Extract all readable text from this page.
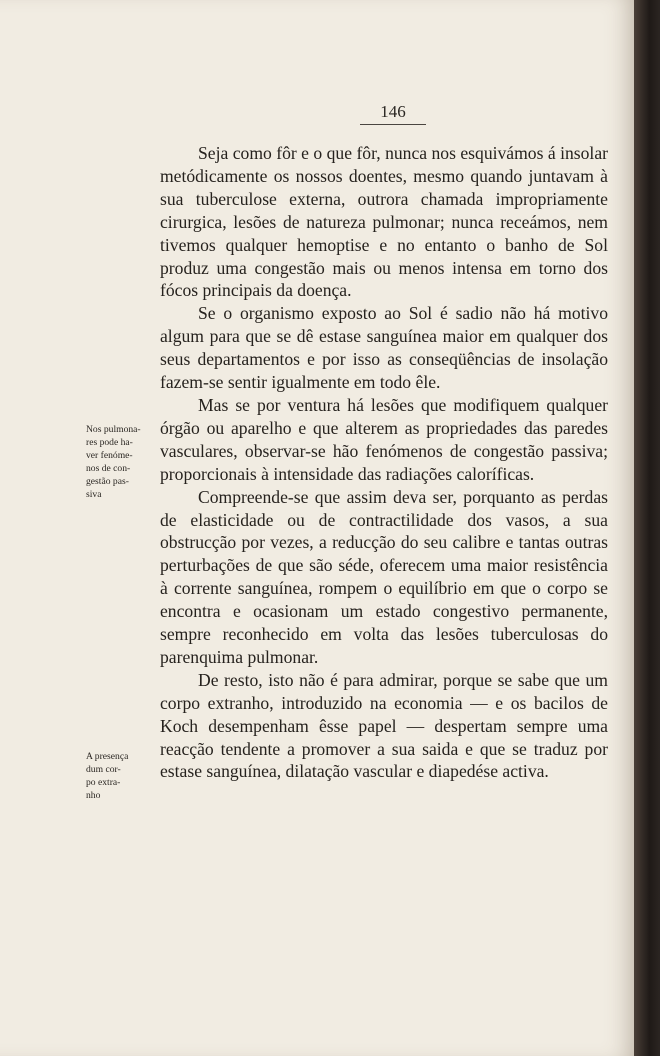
146
Nos pulmona-
res pode ha-
ver fenóme-
nos de con-
gestão pas-
siva
A presença
dum cor-
po extra-
nho

Seja como fôr e o que fôr, nunca nos esquivámos á insolar metódicamente os nossos doentes, mesmo quando juntavam à sua tuberculose externa, outrora chamada impropriamente cirurgica, lesões de natureza pulmonar; nunca receámos, nem tivemos qualquer hemoptise e no entanto o banho de Sol produz uma congestão mais ou menos intensa em torno dos fócos principais da doença.

Se o organismo exposto ao Sol é sadio não há motivo algum para que se dê estase sanguínea maior em qualquer dos seus departamentos e por isso as conseqüências de insolação fazem-se sentir igualmente em todo êle.

Mas se por ventura há lesões que modifiquem qualquer órgão ou aparelho e que alterem as propriedades das paredes vasculares, observar-se hão fenómenos de congestão passiva; proporcionais à intensidade das radiações caloríficas.

Compreende-se que assim deva ser, porquanto as perdas de elasticidade ou de contractilidade dos vasos, a sua obstrucção por vezes, a reducção do seu calibre e tantas outras perturbações de que são séde, oferecem uma maior resistência à corrente sanguínea, rompem o equilíbrio em que o corpo se encontra e ocasionam um estado congestivo permanente, sempre reconhecido em volta das lesões tuberculosas do parenquima pulmonar.

De resto, isto não é para admirar, porque se sabe que um corpo extranho, introduzido na economia — e os bacilos de Koch desempenham êsse papel — despertam sempre uma reacção tendente a promover a sua saida e que se traduz por estase sanguínea, dilatação vascular e diapedése activa.
